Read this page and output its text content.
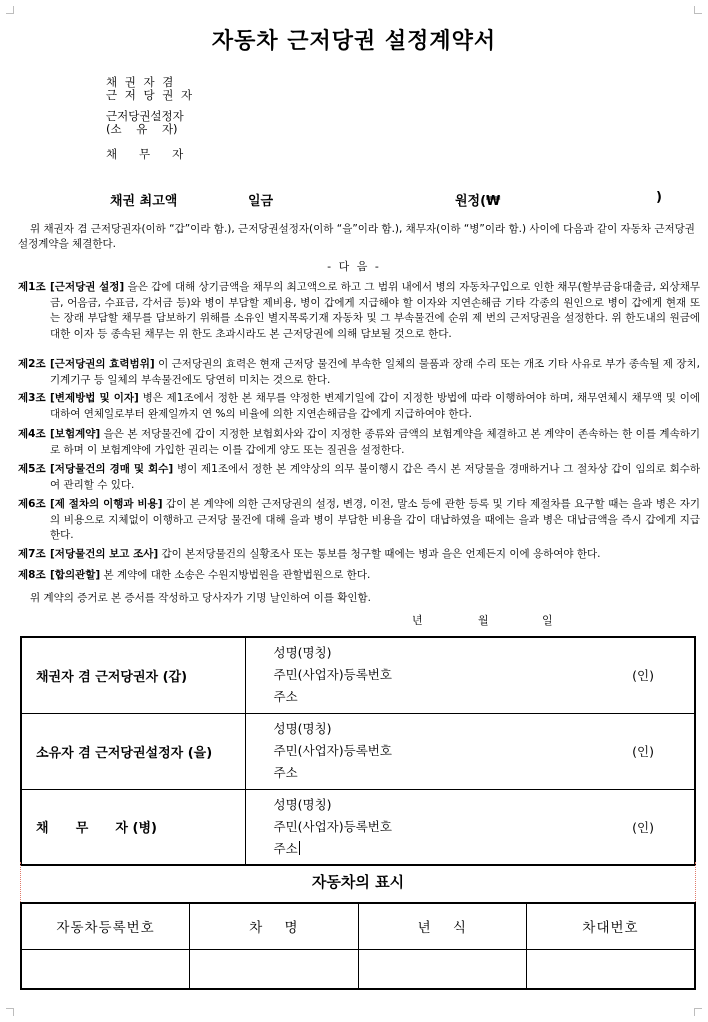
자동차 근저당권 설정계약서
채 권 자 겸
근 저 당 권 자
근저당권설정자
(소    유    자)
채      무      자
채권 최고액	일금	원정(₩	)
위 채권자 겸 근저당권자(이하 “갑”이라 함.), 근저당권설정자(이하 “을”이라 함.), 채무자(이하 “병”이라 함.) 사이에 다음과 같이 자동차 근저당권 설정계약을 체결한다.
- 다 음 -
제1조 [근저당권 설정] 을은 갑에 대해 상기금액을 채무의 최고액으로 하고 그 범위 내에서 병의 자동차구입으로 인한 채무(할부금융대출금, 외상채무금, 어음금, 수표금, 각서금 등)와 병이 부담할 제비용, 병이 갑에게 지급해야 할 이자와 지연손해금 기타 각종의 원인으로 병이 갑에게 현재 또는 장래 부담할 채무를 담보하기 위해를 소유인 별지목록기재 자동차 및 그 부속물건에 순위 제 번의 근저당권을 설정한다. 위 한도내의 원금에 대한 이자 등 종속된 채무는 위 한도 초과시라도 본 근저당권에 의해 담보될 것으로 한다.
제2조 [근저당권의 효력범위] 이 근저당권의 효력은 현재 근저당 물건에 부속한 일체의 물품과 장래 수리 또는 개조 기타 사유로 부가 종속될 제 장치, 기계기구 등 일체의 부속물건에도 당연히 미치는 것으로 한다.
제3조 [변제방법 및 이자] 병은 제1조에서 정한 본 채무를 약정한 변제기일에 갑이 지정한 방법에 따라 이행하여야 하며, 채무연체시 채무액 및 이에 대하여 연체일로부터 완제일까지 연 %의 비율에 의한 지연손해금을 갑에게 지급하여야 한다.
제4조 [보험계약] 을은 본 저당물건에 갑이 지정한 보험회사와 갑이 지정한 종류와 금액의 보험계약을 체결하고 본 계약이 존속하는 한 이를 계속하기로 하며 이 보험계약에 가입한 권리는 이를 갑에게 양도 또는 질권을 설정한다.
제5조 [저당물건의 경매 및 회수] 병이 제1조에서 정한 본 계약상의 의무 불이행시 갑은 즉시 본 저당물을 경매하거나 그 절차상 갑이 임의로 회수하여 관리할 수 있다.
제6조 [제 절차의 이행과 비용] 갑이 본 계약에 의한 근저당권의 설정, 변경, 이전, 말소 등에 관한 등록 및 기타 제절차를 요구할 때는 을과 병은 자기의 비용으로 지체없이 이행하고 근저당 물건에 대해 을과 병이 부담한 비용을 갑이 대납하였을 때에는 을과 병은 대납금액을 즉시 갑에게 지급한다.
제7조 [저당물건의 보고 조사] 갑이 본저당물건의 실황조사 또는 통보를 청구할 때에는 병과 을은 언제든지 이에 응하여야 한다.
제8조 [합의관할] 본 계약에 대한 소송은 수원지방법원을 관할법원으로 한다.
위 계약의 증거로 본 증서를 작성하고 당사자가 기명 날인하여 이를 확인함.
년	월	일
채권자 겸 근저당권자 (갑)	성명(명칭)
주민(사업자)등록번호
주소
(인)

소유자 겸 근저당권설정자 (을)	성명(명칭)
주민(사업자)등록번호
주소
(인)

채      무      자 (병)	성명(명칭)
주민(사업자)등록번호
주소
(인)
자동차의 표시
자동차등록번호	차    명	년    식	차대번호
